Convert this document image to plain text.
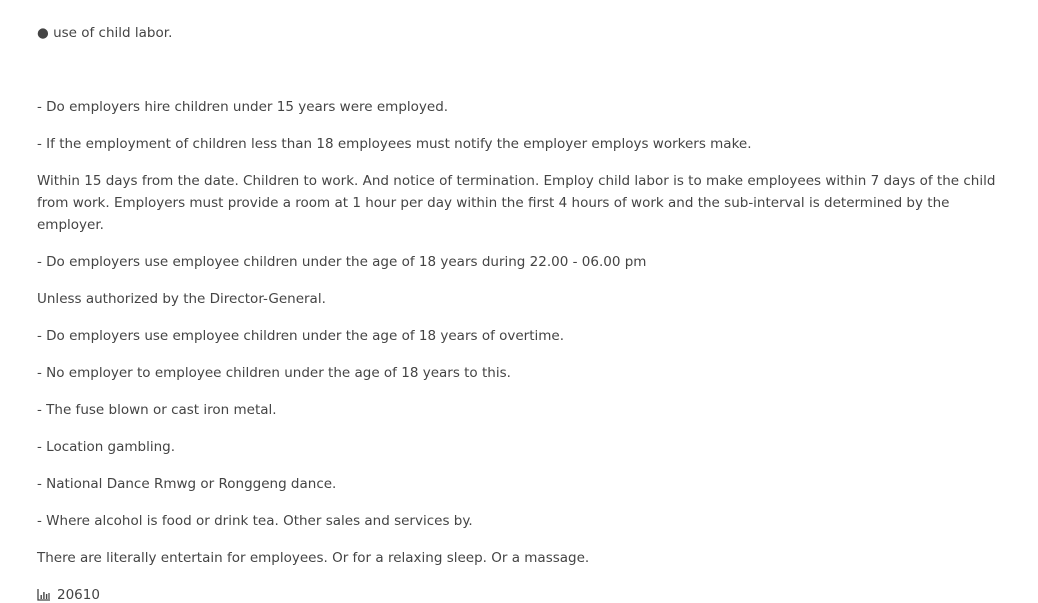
● use of child labor.

- Do employers hire children under 15 years were employed.

- If the employment of children less than 18 employees must notify the employer employs workers make.

Within 15 days from the date. Children to work. And notice of termination. Employ child labor is to make employees within 7 days of the child from work. Employers must provide a room at 1 hour per day within the first 4 hours of work and the sub-interval is determined by the employer.

- Do employers use employee children under the age of 18 years during 22.00 - 06.00 pm

Unless authorized by the Director-General.

- Do employers use employee children under the age of 18 years of overtime.

- No employer to employee children under the age of 18 years to this.

- The fuse blown or cast iron metal.

- Location gambling.

- National Dance Rmwg or Ronggeng dance.

- Where alcohol is food or drink tea. Other sales and services by.

There are literally entertain for employees. Or for a relaxing sleep. Or a massage.

20610
